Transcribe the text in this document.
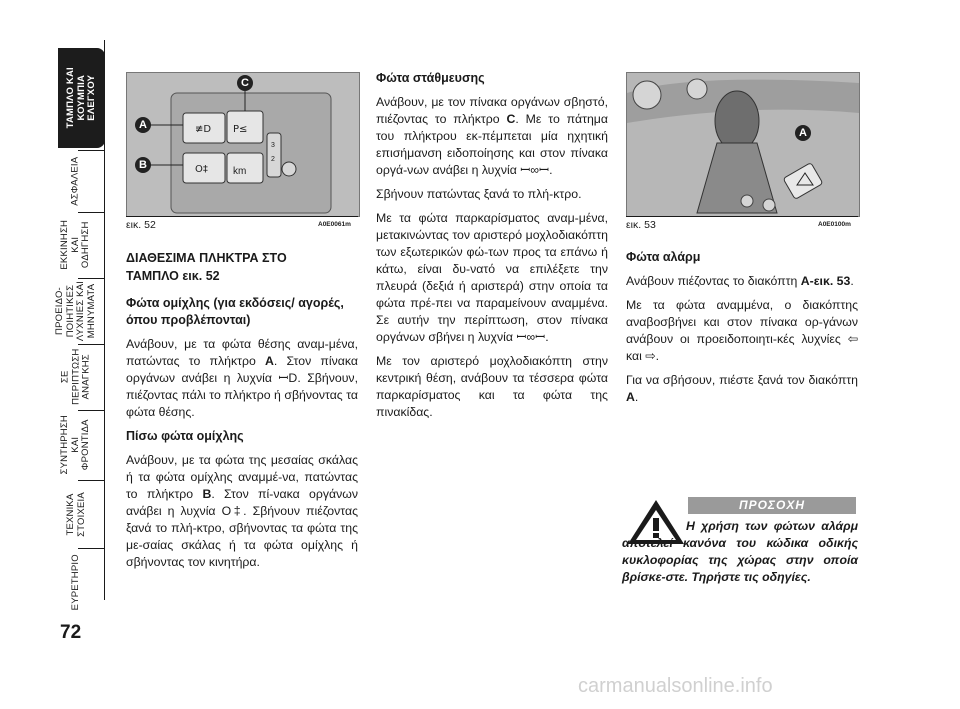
ΤΑΜΠΛΟ ΚΑΙ
ΚΟΥΜΠΙΑ
ΕΛΕΓΧΟΥ
ΑΣΦΑΛΕΙΑ
ΕΚΚΙΝΗΣΗ
ΚΑΙ
ΟΔΗΓΗΣΗ
ΠΡΟΕΙΔΟ-
ΠΟΙΗΤΙΚΕΣ
ΛΥΧΝΙΕΣ ΚΑΙ
ΜΗΝΥΜΑΤΑ
ΣΕ
ΠΕΡΙΠΤΩΣΗ
ΑΝΑΓΚΗΣ
ΣΥΝΤΗΡΗΣΗ
ΚΑΙ
ΦΡΟΝΤΙΔΑ
ΤΕΧΝΙΚΑ
ΣΤΟΙΧΕΙΑ
ΕΥΡΕΤΗΡΙΟ
72
≢D P≤
O‡	km
3
2
A
B
C
εικ. 52	A0E0061m
A
εικ. 53	A0E0100m
ΔΙΑΘΕΣΙΜΑ ΠΛΗΚΤΡΑ ΣΤΟ
ΤΑΜΠΛΟ εικ. 52
Φώτα ομίχλης (για εκδόσεις/ αγορές, όπου προβλέπονται)

Ανάβουν, με τα φώτα θέσης αναμ-μένα, πατώντας το πλήκτρο A. Στον πίνακα οργάνων ανάβει η λυχνία ꟷD. Σβήνουν, πιέζοντας πάλι το πλήκτρο ή σβήνοντας τα φώτα θέσης.

Πίσω φώτα ομίχλης

Ανάβουν, με τα φώτα της μεσαίας σκάλας ή τα φώτα ομίχλης αναμμέ-να, πατώντας το πλήκτρο B. Στον πί-νακα οργάνων ανάβει η λυχνία O‡. Σβήνουν πιέζοντας ξανά το πλή-κτρο, σβήνοντας τα φώτα της με-σαίας σκάλας ή τα φώτα ομίχλης ή σβήνοντας τον κινητήρα.

Φώτα στάθμευσης

Ανάβουν, με τον πίνακα οργάνων σβηστό, πιέζοντας το πλήκτρο C. Με το πάτημα του πλήκτρου εκ-πέμπεται μία ηχητική επισήμανση ειδοποίησης και στον πίνακα οργά-νων ανάβει η λυχνία ꟷ∞ꟷ.

Σβήνουν πατώντας ξανά το πλή-κτρο.

Με τα φώτα παρκαρίσματος αναμ-μένα, μετακινώντας τον αριστερό μοχλοδιακόπτη των εξωτερικών φώ-των προς τα επάνω ή κάτω, είναι δυ-νατό να επιλέξετε την πλευρά (δεξιά ή αριστερά) στην οποία τα φώτα πρέ-πει να παραμείνουν αναμμένα. Σε αυτήν την περίπτωση, στον πίνακα οργάνων σβήνει η λυχνία ꟷ∞ꟷ.

Με τον αριστερό μοχλοδιακόπτη στην κεντρική θέση, ανάβουν τα τέσσερα φώτα παρκαρίσματος και τα φώτα της πινακίδας.

Φώτα αλάρμ

Ανάβουν πιέζοντας το διακόπτη A-εικ. 53.

Με τα φώτα αναμμένα, ο διακόπτης αναβοσβήνει και στον πίνακα ορ-γάνων ανάβουν οι προειδοποιητι-κές λυχνίες ⇦ και ⇨.

Για να σβήσουν, πιέστε ξανά τον διακόπτη A.

ΠΡΟΣΟΧΗ
Η χρήση των φώτων αλάρμ αποτελεί κανόνα του κώδικα οδικής κυκλοφορίας της χώρας στην οποία βρίσκε-στε. Τηρήστε τις οδηγίες.
carmanualsonline.info
